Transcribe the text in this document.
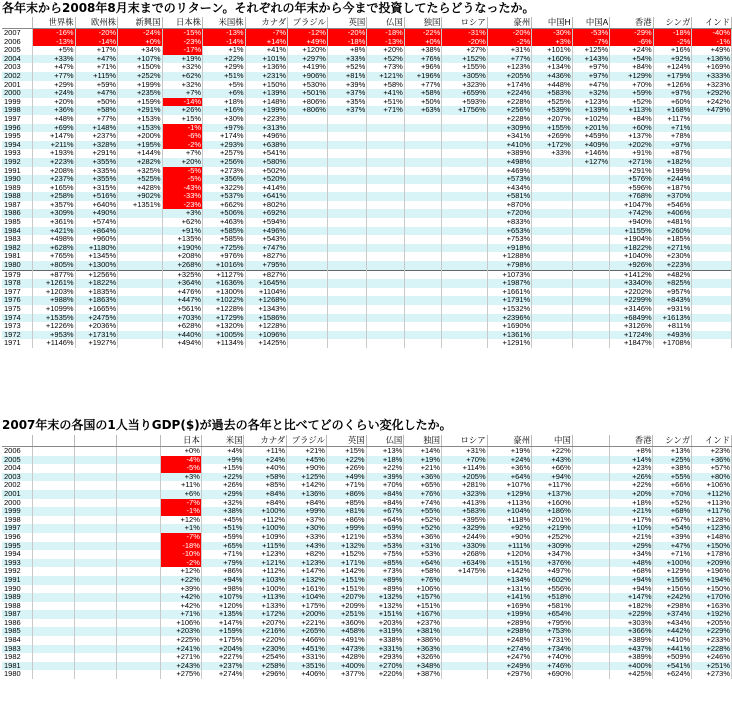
各年末から2008年8月末までのリターン。それぞれの年末から今まで投資してたらどうなったか。
	世界株	欧州株	新興国	日本株	米国株	カナダ	ブラジル	英国	仏国	独国	ロシア	豪州	中国H	中国A	香港	シンガ	インド
2007	-16%	-20%	-24%	-15%	-13%	-7%	-12%	-20%	-18%	-22%	-31%	-20%	-30%	-53%	-29%	-18%	-40%
2006	-13%	-14%	+0%	-23%	-14%	+14%	+49%	-18%	-13%	+0%	-20%	-2%	+3%	-7%	-6%	-2%	-1%
2005	+5%	+17%	+34%	-17%	+1%	+41%	+120%	+8%	+20%	+38%	+27%	+31%	+101%	+125%	+24%	+16%	+49%
2004	+33%	+47%	+107%	+19%	+22%	+101%	+297%	+33%	+52%	+76%	+152%	+77%	+160%	+143%	+54%	+92%	+136%
2003	+47%	+71%	+150%	+32%	+29%	+136%	+419%	+52%	+73%	+96%	+155%	+123%	+134%	+97%	+84%	+124%	+169%
2002	+77%	+115%	+252%	+62%	+51%	+231%	+906%	+81%	+121%	+196%	+305%	+205%	+436%	+97%	+129%	+179%	+333%
2001	+29%	+59%	+199%	+32%	+5%	+150%	+530%	+39%	+58%	+77%	+323%	+174%	+448%	+47%	+70%	+126%	+323%
2000	+24%	+47%	+235%	+7%	+6%	+139%	+501%	+37%	+41%	+58%	+659%	+224%	+583%	+32%	+59%	+97%	+292%
1999	+20%	+50%	+159%	-14%	+18%	+148%	+806%	+35%	+51%	+50%	+593%	+228%	+525%	+123%	+52%	+60%	+242%
1998	+36%	+58%	+291%	+26%	+16%	+199%	+806%	+37%	+71%	+63%	+1756%	+256%	+539%	+139%	+113%	+168%	+479%
1997	+48%	+77%	+153%	+15%	+30%	+223%						+228%	+207%	+102%	+84%	+117%	
1996	+69%	+148%	+153%	-1%	+97%	+313%						+309%	+155%	+201%	+60%	+71%	
1995	+147%	+237%	+200%	-6%	+174%	+496%						+341%	+269%	+459%	+137%	+78%	
1994	+211%	+328%	+195%	-2%	+293%	+638%						+410%	+172%	+409%	+202%	+97%	
1993	+193%	+291%	+144%	+7%	+257%	+541%						+389%	+33%	+146%	+91%	+87%	
1992	+223%	+355%	+282%	+20%	+256%	+580%						+498%		+127%	+271%	+182%	
1991	+208%	+335%	+325%	-5%	+273%	+502%						+469%			+291%	+199%	
1990	+237%	+355%	+525%	-5%	+356%	+520%						+573%			+576%	+244%	
1989	+165%	+315%	+428%	-43%	+322%	+414%						+434%			+596%	+187%	
1988	+258%	+516%	+902%	-33%	+537%	+641%						+581%			+768%	+370%	
1987	+357%	+640%	+1351%	-23%	+662%	+802%						+870%			+1047%	+546%	
1986	+309%	+490%		+3%	+506%	+692%						+720%			+742%	+406%	
1985	+361%	+574%		+62%	+463%	+594%						+833%			+940%	+481%	
1984	+421%	+864%		+91%	+585%	+496%						+653%			+1155%	+260%	
1983	+498%	+960%		+135%	+585%	+543%						+753%			+1904%	+185%	
1982	+628%	+1180%		+190%	+725%	+747%						+918%			+1822%	+271%	
1981	+765%	+1345%		+208%	+976%	+827%						+1288%			+1040%	+230%	
1980	+805%	+1300%		+268%	+1016%	+795%						+798%			+926%	+223%	
1979	+877%	+1256%		+325%	+1127%	+827%						+1073%			+1412%	+482%	
1978	+1261%	+1822%		+364%	+1636%	+1645%						+1987%			+3340%	+825%	
1977	+1203%	+1835%		+476%	+1300%	+1104%						+1661%			+2202%	+957%	
1976	+988%	+1863%		+447%	+1022%	+1268%						+1791%			+2299%	+843%	
1975	+1099%	+1665%		+561%	+1228%	+1343%						+1532%			+3146%	+931%	
1974	+1535%	+2475%		+703%	+1729%	+1586%						+2396%			+6849%	+1613%	
1973	+1226%	+2036%		+628%	+1320%	+1228%						+1690%			+3126%	+811%	
1972	+953%	+1731%		+440%	+1005%	+1096%						+1361%			+1724%	+493%	
1971	+1146%	+1927%		+494%	+1134%	+1425%						+1291%			+1847%	+1708%	
2007年末の各国の1人当りGDP($)が過去の各年と比べてどのくらい変化したか。
				日本	米国	カナダ	ブラジル	英国	仏国	独国	ロシア	豪州	中国		香港	シンガ	インド
2006				+0%	+4%	+11%	+21%	+15%	+13%	+14%	+31%	+19%	+22%		+8%	+13%	+23%
2005				-4%	+9%	+24%	+45%	+22%	+18%	+19%	+70%	+24%	+43%		+14%	+25%	+36%
2004				-5%	+15%	+40%	+90%	+26%	+22%	+21%	+114%	+36%	+66%		+23%	+38%	+57%
2003				+3%	+22%	+58%	+125%	+49%	+39%	+36%	+205%	+64%	+94%		+26%	+55%	+80%
2002				+11%	+26%	+85%	+142%	+71%	+70%	+65%	+281%	+107%	+117%		+22%	+66%	+106%
2001				+6%	+29%	+84%	+136%	+86%	+84%	+76%	+323%	+129%	+137%		+20%	+70%	+112%
2000				-7%	+32%	+84%	+84%	+85%	+84%	+74%	+413%	+113%	+160%		+18%	+52%	+113%
1999				-1%	+38%	+100%	+99%	+81%	+67%	+55%	+583%	+104%	+186%		+21%	+68%	+117%
1998				+12%	+45%	+112%	+37%	+86%	+64%	+52%	+395%	+118%	+201%		+17%	+67%	+128%
1997				+1%	+51%	+100%	+30%	+99%	+69%	+52%	+329%	+92%	+219%		+10%	+54%	+123%
1996				-7%	+59%	+109%	+33%	+121%	+53%	+36%	+244%	+90%	+252%		+21%	+39%	+148%
1995				-18%	+65%	+115%	+43%	+132%	+53%	+31%	+330%	+111%	+309%		+29%	+47%	+150%
1994				-10%	+71%	+123%	+82%	+152%	+75%	+53%	+268%	+120%	+347%		+34%	+71%	+178%
1993				-2%	+79%	+121%	+123%	+171%	+85%	+64%	+634%	+151%	+376%		+48%	+100%	+209%
1992				+12%	+86%	+112%	+147%	+142%	+73%	+58%	+1475%	+142%	+497%		+68%	+129%	+196%
1991				+22%	+94%	+103%	+132%	+151%	+89%	+76%		+134%	+602%		+94%	+156%	+194%
1990				+39%	+98%	+100%	+161%	+151%	+89%	+106%		+131%	+556%		+94%	+156%	+150%
1989				+42%	+107%	+113%	+104%	+207%	+132%	+157%		+141%	+518%		+147%	+242%	+170%
1988				+42%	+120%	+133%	+175%	+209%	+132%	+151%		+169%	+581%		+182%	+298%	+163%
1987				+71%	+135%	+172%	+200%	+251%	+151%	+167%		+199%	+654%		+229%	+374%	+192%
1986				+106%	+147%	+207%	+221%	+360%	+203%	+237%		+289%	+795%		+303%	+434%	+205%
1985				+203%	+159%	+216%	+265%	+458%	+319%	+381%		+298%	+753%		+366%	+442%	+229%
1984				+225%	+175%	+220%	+466%	+491%	+338%	+386%		+248%	+731%		+389%	+410%	+233%
1983				+241%	+204%	+230%	+451%	+473%	+331%	+363%		+274%	+734%		+437%	+441%	+228%
1982				+271%	+227%	+254%	+331%	+428%	+293%	+326%		+247%	+740%		+389%	+509%	+246%
1981				+243%	+237%	+258%	+351%	+400%	+270%	+348%		+249%	+746%		+400%	+541%	+251%
1980				+275%	+274%	+296%	+406%	+377%	+220%	+387%		+297%	+690%		+425%	+624%	+273%
